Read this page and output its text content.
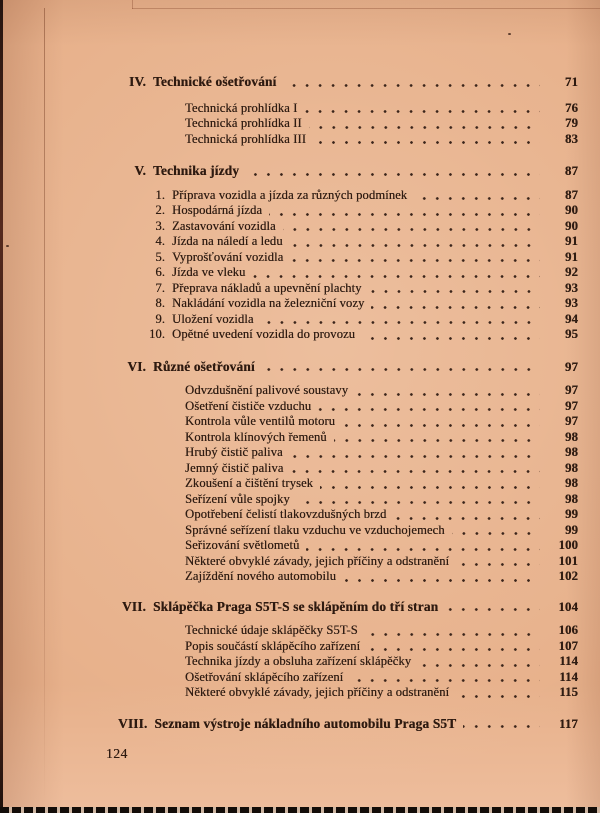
IV. Technické ošetřování	71
Technická prohlídka I	76
Technická prohlídka II	79
Technická prohlídka III	83
V. Technika jízdy	87
1. Příprava vozidla a jízda za různých podmínek	87
2. Hospodárná jízda	90
3. Zastavování vozidla	90
4. Jízda na náledí a ledu	91
5. Vyprošťování vozidla	91
6. Jízda ve vleku	92
7. Přeprava nákladů a upevnění plachty	93
8. Nakládání vozidla na železniční vozy	93
9. Uložení vozidla	94
10. Opětné uvedení vozidla do provozu	95
VI. Různé ošetřování	97
Odvzdušnění palivové soustavy	97
Ošetření čističe vzduchu	97
Kontrola vůle ventilů motoru	97
Kontrola klínových řemenů	98
Hrubý čistič paliva	98
Jemný čistič paliva	98
Zkoušení a čištění trysek	98
Seřízení vůle spojky	98
Opotřebení čelistí tlakovzdušných brzd	99
Správné seřízení tlaku vzduchu ve vzduchojemech	99
Seřizování světlometů	100
Některé obvyklé závady, jejich příčiny a odstranění	101
Zajíždění nového automobilu	102
VII. Sklápěčka Praga S5T-S se sklápěním do tří stran	104
Technické údaje sklápěčky S5T-S	106
Popis součástí sklápěcího zařízení	107
Technika jízdy a obsluha zařízení sklápěčky	114
Ošetřování sklápěcího zařízení	114
Některé obvyklé závady, jejich příčiny a odstranění	115
VIII. Seznam výstroje nákladního automobilu Praga S5T	117
124
